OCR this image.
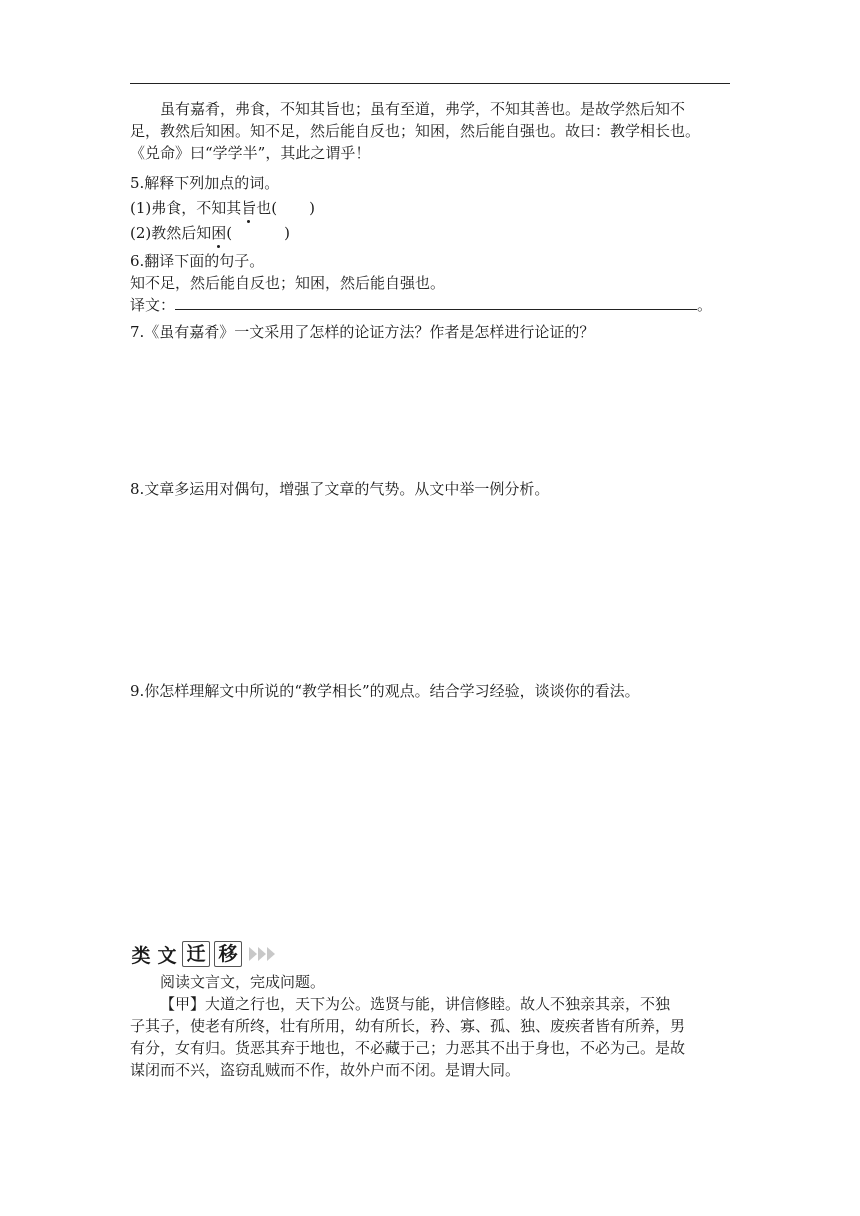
虽有嘉肴，弗食，不知其旨也；虽有至道，弗学，不知其善也。是故学然后知不

足，教然后知困。知不足，然后能自反也；知困，然后能自强也。故曰：教学相长也。

《兑命》曰“学学半”，其此之谓乎！

5.解释下列加点的词。

(1)弗食，不知其旨也( )

(2)教然后知困(	)

6.翻译下面的句子。

知不足，然后能自反也；知困，然后能自强也。

译文：	。

7.《虽有嘉肴》一文采用了怎样的论证方法？作者是怎样进行论证的？

8.文章多运用对偶句，增强了文章的气势。从文中举一例分析。

9.你怎样理解文中所说的“教学相长”的观点。结合学习经验，谈谈你的看法。

类 文 迁 移

阅读文言文，完成问题。

【甲】大道之行也，天下为公。选贤与能，讲信修睦。故人不独亲其亲，不独

子其子，使老有所终，壮有所用，幼有所长，矜、寡、孤、独、废疾者皆有所养，男

有分，女有归。货恶其弃于地也，不必藏于己；力恶其不出于身也，不必为己。是故

谋闭而不兴，盗窃乱贼而不作，故外户而不闭。是谓大同。
